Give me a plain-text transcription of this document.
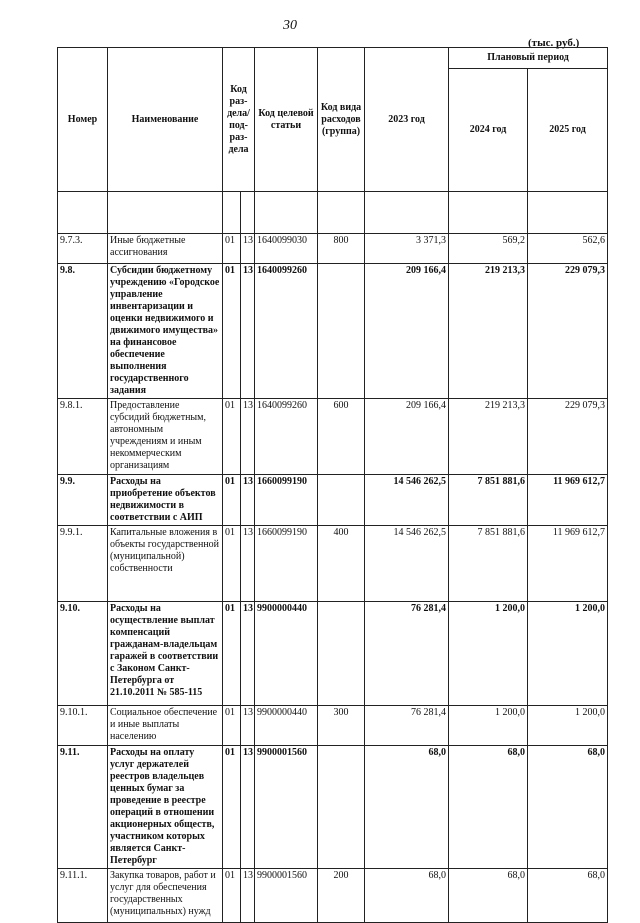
30
(тыс. руб.)
Номер	Наименование	Код раз-дела/ под-раз-дела		Код целевой статьи	Код вида расходов (группа)	2023 год	Плановый период	
							2024 год	2025 год

9.7.3.	Иные бюджетные ассигнования	01	13	1640099030	800	3 371,3	569,2	562,6
9.8.	Субсидии бюджетному учреждению «Городское управление инвентаризации и оценки недвижимого и движимого имущества» на финансовое обеспечение выполнения государственного задания	01	13	1640099260		209 166,4	219 213,3	229 079,3
9.8.1.	Предоставление субсидий бюджетным, автономным учреждениям и иным некоммерческим организациям	01	13	1640099260	600	209 166,4	219 213,3	229 079,3
9.9.	Расходы на приобретение объектов недвижимости в соответствии с АИП	01	13	1660099190		14 546 262,5	7 851 881,6	11 969 612,7
9.9.1.	Капитальные вложения в объекты государственной (муниципальной) собственности	01	13	1660099190	400	14 546 262,5	7 851 881,6	11 969 612,7
9.10.	Расходы на осуществление выплат компенсаций гражданам-владельцам гаражей в соответствии с Законом Санкт-Петербурга от 21.10.2011 № 585-115	01	13	9900000440		76 281,4	1 200,0	1 200,0
9.10.1.	Социальное обеспечение и иные выплаты населению	01	13	9900000440	300	76 281,4	1 200,0	1 200,0
9.11.	Расходы на оплату услуг держателей реестров владельцев ценных бумаг за проведение в реестре операций в отношении акционерных обществ, участником которых является Санкт-Петербург	01	13	9900001560		68,0	68,0	68,0
9.11.1.	Закупка товаров, работ и услуг для обеспечения государственных (муниципальных) нужд	01	13	9900001560	200	68,0	68,0	68,0
